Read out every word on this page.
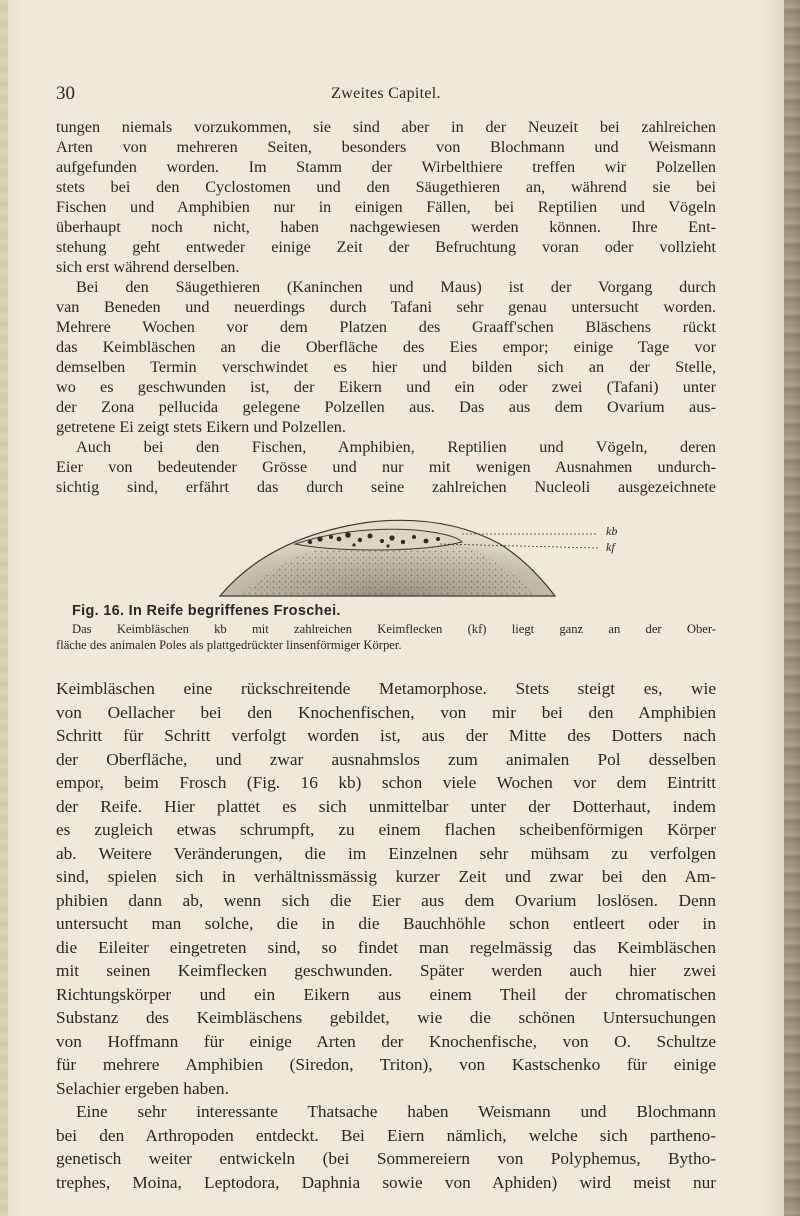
30	Zweites Capitel.
tungen niemals vorzukommen, sie sind aber in der Neuzeit bei zahlreichen
Arten von mehreren Seiten, besonders von Blochmann und Weismann
aufgefunden worden. Im Stamm der Wirbelthiere treffen wir Polzellen
stets bei den Cyclostomen und den Säugethieren an, während sie bei
Fischen und Amphibien nur in einigen Fällen, bei Reptilien und Vögeln
überhaupt noch nicht, haben nachgewiesen werden können. Ihre Ent-
stehung geht entweder einige Zeit der Befruchtung voran oder vollzieht
sich erst während derselben.
Bei den Säugethieren (Kaninchen und Maus) ist der Vorgang durch
van Beneden und neuerdings durch Tafani sehr genau untersucht worden.
Mehrere Wochen vor dem Platzen des Graaff'schen Bläschens rückt
das Keimbläschen an die Oberfläche des Eies empor; einige Tage vor
demselben Termin verschwindet es hier und bilden sich an der Stelle,
wo es geschwunden ist, der Eikern und ein oder zwei (Tafani) unter
der Zona pellucida gelegene Polzellen aus. Das aus dem Ovarium aus-
getretene Ei zeigt stets Eikern und Polzellen.
Auch bei den Fischen, Amphibien, Reptilien und Vögeln, deren
Eier von bedeutender Grösse und nur mit wenigen Ausnahmen undurch-
sichtig sind, erfährt das durch seine zahlreichen Nucleoli ausgezeichnete
kb
kf
Fig. 16. In Reife begriffenes Froschei.
Das Keimbläschen kb mit zahlreichen Keimflecken (kf) liegt ganz an der Ober-
fläche des animalen Poles als plattgedrückter linsenförmiger Körper.
Keimbläschen eine rückschreitende Metamorphose. Stets steigt es, wie
von Oellacher bei den Knochenfischen, von mir bei den Amphibien
Schritt für Schritt verfolgt worden ist, aus der Mitte des Dotters nach
der Oberfläche, und zwar ausnahmslos zum animalen Pol desselben
empor, beim Frosch (Fig. 16 kb) schon viele Wochen vor dem Eintritt
der Reife. Hier plattet es sich unmittelbar unter der Dotterhaut, indem
es zugleich etwas schrumpft, zu einem flachen scheibenförmigen Körper
ab. Weitere Veränderungen, die im Einzelnen sehr mühsam zu verfolgen
sind, spielen sich in verhältnissmässig kurzer Zeit und zwar bei den Am-
phibien dann ab, wenn sich die Eier aus dem Ovarium loslösen. Denn
untersucht man solche, die in die Bauchhöhle schon entleert oder in
die Eileiter eingetreten sind, so findet man regelmässig das Keimbläschen
mit seinen Keimflecken geschwunden. Später werden auch hier zwei
Richtungskörper und ein Eikern aus einem Theil der chromatischen
Substanz des Keimbläschens gebildet, wie die schönen Untersuchungen
von Hoffmann für einige Arten der Knochenfische, von O. Schultze
für mehrere Amphibien (Siredon, Triton), von Kastschenko für einige
Selachier ergeben haben.
Eine sehr interessante Thatsache haben Weismann und Blochmann
bei den Arthropoden entdeckt. Bei Eiern nämlich, welche sich partheno-
genetisch weiter entwickeln (bei Sommereiern von Polyphemus, Bytho-
trephes, Moina, Leptodora, Daphnia sowie von Aphiden) wird meist nur
